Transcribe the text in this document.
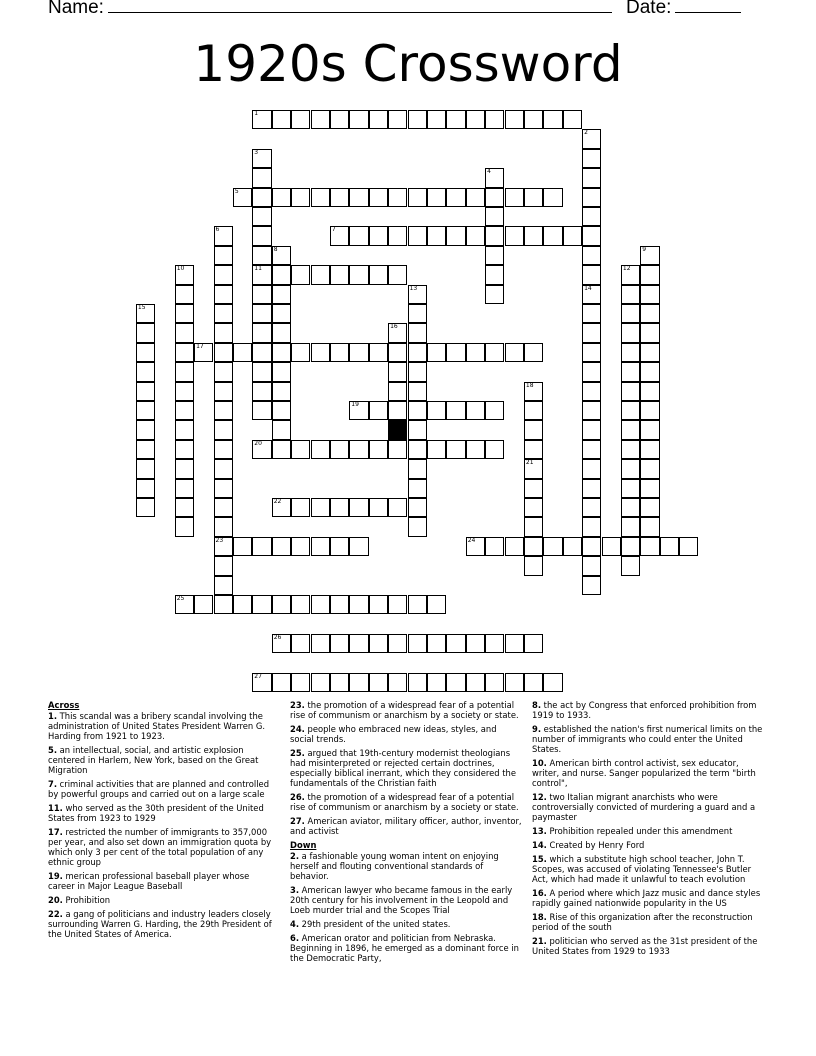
Name:	Date:
1920s Crossword
1
2
3
11
4
5
6
23
7
8	9
10	12
13	14
15
16
17
18
19
20
21
22
24
25
26
27
Across
1. This scandal was a bribery scandal involving the administration of United States President Warren G. Harding from 1921 to 1923.
5. an intellectual, social, and artistic explosion centered in Harlem, New York, based on the Great Migration
7. criminal activities that are planned and controlled by powerful groups and carried out on a large scale
11. who served as the 30th president of the United States from 1923 to 1929
17. restricted the number of immigrants to 357,000 per year, and also set down an immigration quota by which only 3 per cent of the total population of any ethnic group
19. merican professional baseball player whose career in Major League Baseball
20. Prohibition
22. a gang of politicians and industry leaders closely surrounding Warren G. Harding, the 29th President of the United States of America.
23. the promotion of a widespread fear of a potential rise of communism or anarchism by a society or state.
24. people who embraced new ideas, styles, and social trends.
25. argued that 19th-century modernist theologians had misinterpreted or rejected certain doctrines, especially biblical inerrant, which they considered the fundamentals of the Christian faith
26. the promotion of a widespread fear of a potential rise of communism or anarchism by a society or state.
27. American aviator, military officer, author, inventor, and activist
Down
2. a fashionable young woman intent on enjoying herself and flouting conventional standards of behavior.
3. American lawyer who became famous in the early 20th century for his involvement in the Leopold and Loeb murder trial and the Scopes Trial
4. 29th president of the united states.
6. American orator and politician from Nebraska. Beginning in 1896, he emerged as a dominant force in the Democratic Party,
8. the act by Congress that enforced prohibition from 1919 to 1933.
9. established the nation's first numerical limits on the number of immigrants who could enter the United States.
10. American birth control activist, sex educator, writer, and nurse. Sanger popularized the term "birth control",
12. two Italian migrant anarchists who were controversially convicted of murdering a guard and a paymaster
13. Prohibition repealed under this amendment
14. Created by Henry Ford
15. which a substitute high school teacher, John T. Scopes, was accused of violating Tennessee's Butler Act, which had made it unlawful to teach evolution
16. A period where which Jazz music and dance styles rapidly gained nationwide popularity in the US
18. Rise of this organization after the reconstruction period of the south
21. politician who served as the 31st president of the United States from 1929 to 1933
